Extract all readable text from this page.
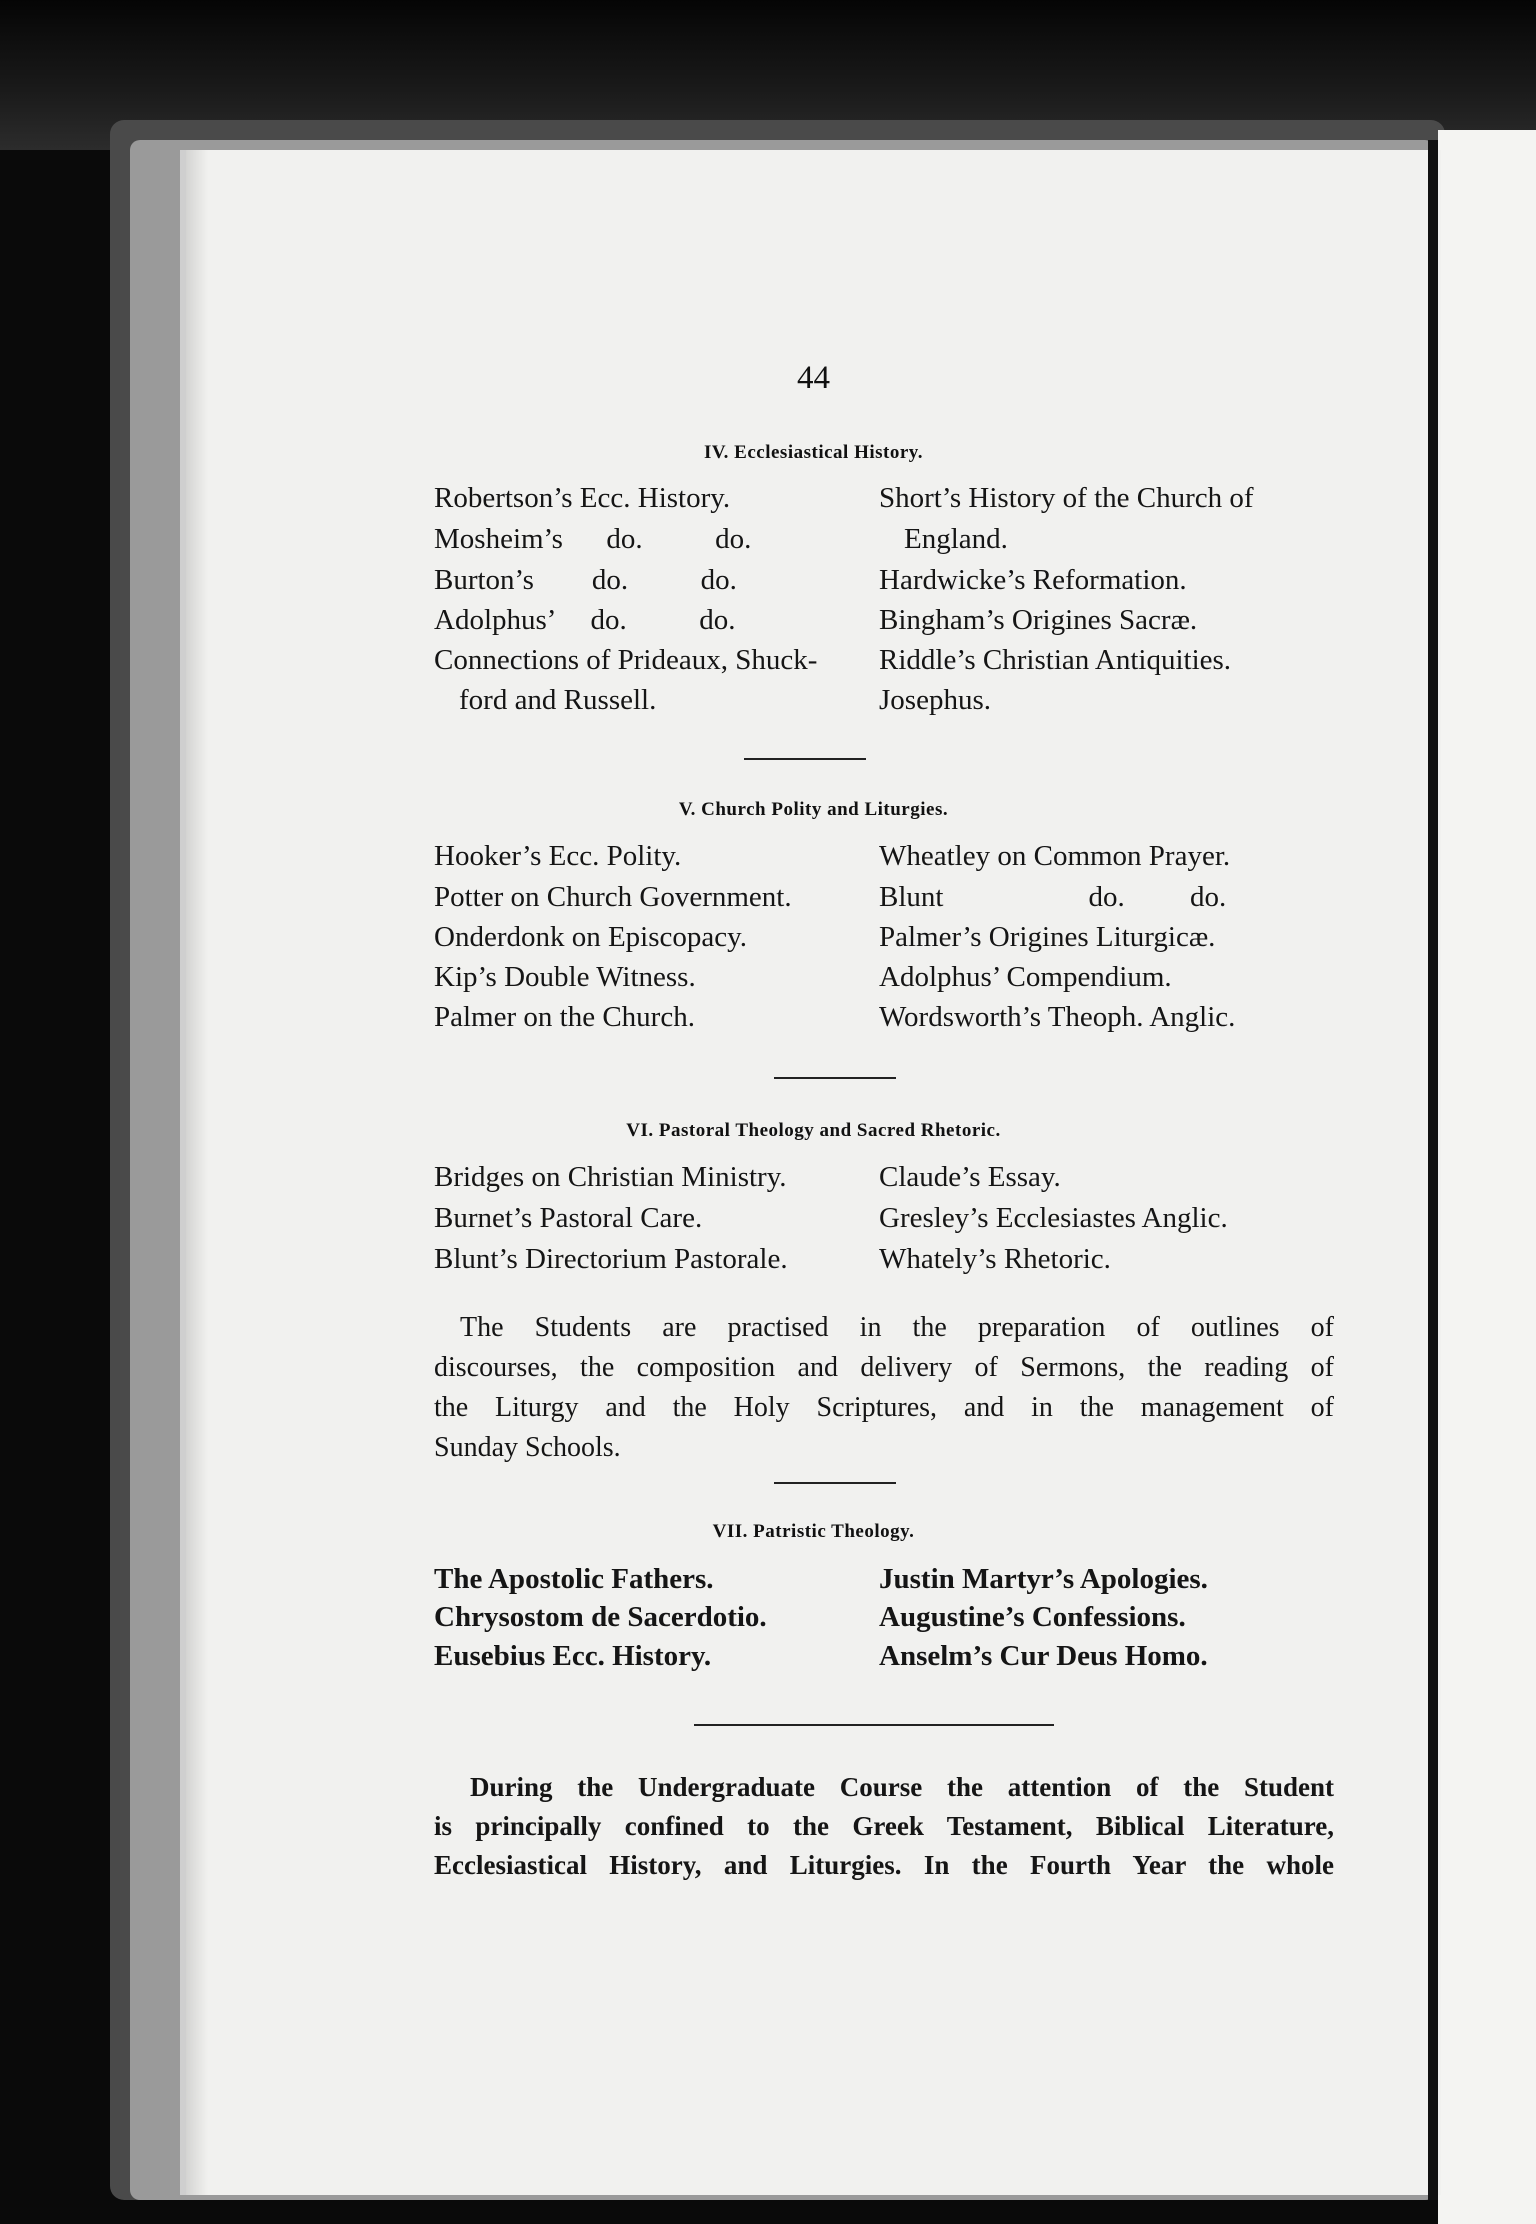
44
IV. Ecclesiastical History.
Robertson’s Ecc. History.
Mosheim’s      do.          do.
Burton’s        do.          do.
Adolphus’     do.          do.
Connections of Prideaux, Shuck-
ford and Russell.
Short’s History of the Church of
England.
Hardwicke’s Reformation.
Bingham’s Origines Sacræ.
Riddle’s Christian Antiquities.
Josephus.
V. Church Polity and Liturgies.
Hooker’s Ecc. Polity.
Potter on Church Government.
Onderdonk on Episcopacy.
Kip’s Double Witness.
Palmer on the Church.
Wheatley on Common Prayer.
Blunt                    do.         do.
Palmer’s Origines Liturgicæ.
Adolphus’ Compendium.
Wordsworth’s Theoph. Anglic.
VI. Pastoral Theology and Sacred Rhetoric.
Bridges on Christian Ministry.
Burnet’s Pastoral Care.
Blunt’s Directorium Pastorale.
Claude’s Essay.
Gresley’s Ecclesiastes Anglic.
Whately’s Rhetoric.
The Students are practised in the preparation of outlines of
discourses, the composition and delivery of Sermons, the reading of
the Liturgy and the Holy Scriptures, and in the management of
Sunday Schools.
VII. Patristic Theology.
The Apostolic Fathers.
Chrysostom de Sacerdotio.
Eusebius Ecc. History.
Justin Martyr’s Apologies.
Augustine’s Confessions.
Anselm’s Cur Deus Homo.
During the Undergraduate Course the attention of the Student
is principally confined to the Greek Testament, Biblical Literature,
Ecclesiastical History, and Liturgies. In the Fourth Year the whole
